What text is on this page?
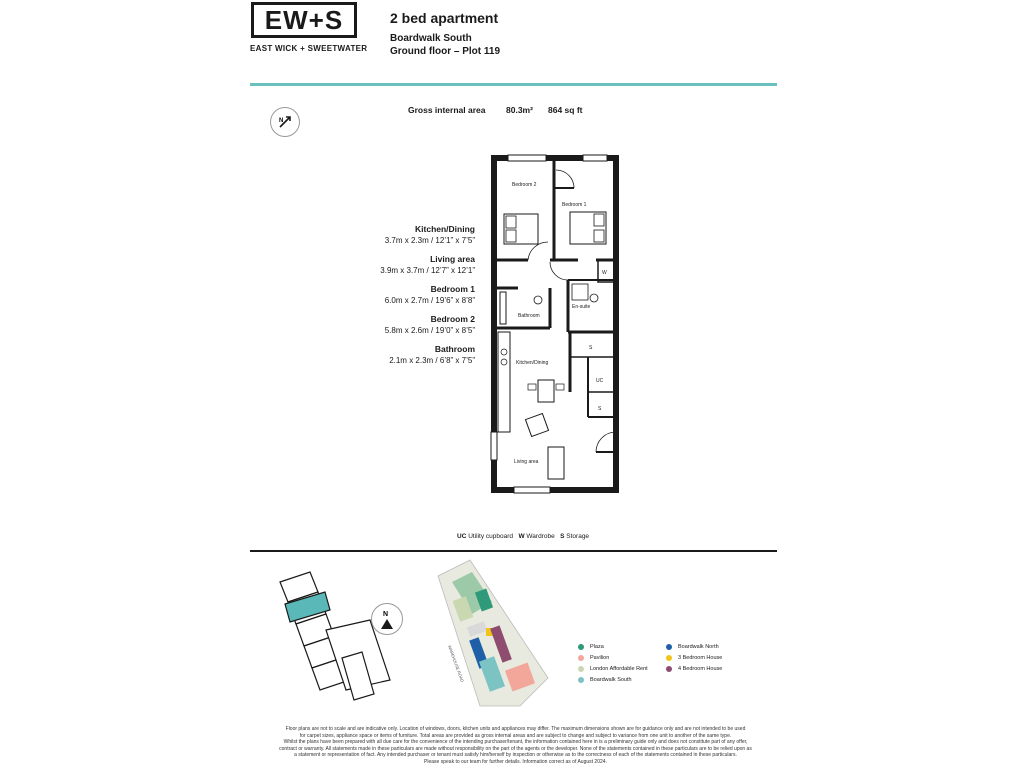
EW+S
EAST WICK + SWEETWATER
2 bed apartment
Boardwalk South
Ground floor – Plot 119
Gross internal area 80.3m² 864 sq ft
N
Kitchen/Dining
3.7m x 2.3m / 12’1” x 7’5”
Living area
3.9m x 3.7m / 12’7” x 12’1”
Bedroom 1
6.0m x 2.7m / 19’6” x 8’8”
Bedroom 2
5.8m x 2.6m / 19’0” x 8’5”
Bathroom
2.1m x 2.3m / 6’8” x 7’5”
Bedroom 2
Bedroom 1
W
En-suite
Bathroom
Kitchen/Dining
S
UC
S
Living area
UC Utility cupboard W Wardrobe S Storage
N
WAREHOUSE ROAD	Plaza
Pavilion
London Affordable Rent
Boardwalk South
Boardwalk North
3 Bedroom House
4 Bedroom House
Floor plans are not to scale and are indicative only. Location of windows, doors, kitchen units and appliances may differ. The maximum dimensions shown are for guidance only and are not intended to be used
for carpet sizes, appliance space or items of furniture. Total areas are provided as gross internal areas and are subject to change and subject to variance from one unit to another of the same type.
Whilst the plans have been prepared with all due care for the convenience of the intending purchaser/tenant, the information contained here in is a preliminary guide only and does not constitute part of any offer,
contract or warranty. All statements made in these particulars are made without responsibility on the part of the agents or the developer. None of the statements contained in these particulars are to be relied upon as
a statement or representation of fact. Any intended purchaser or tenant must satisfy him/herself by inspection or otherwise as to the correctness of each of the statements contained in these particulars.
Please speak to our team for further details. Information correct as of August 2024.
